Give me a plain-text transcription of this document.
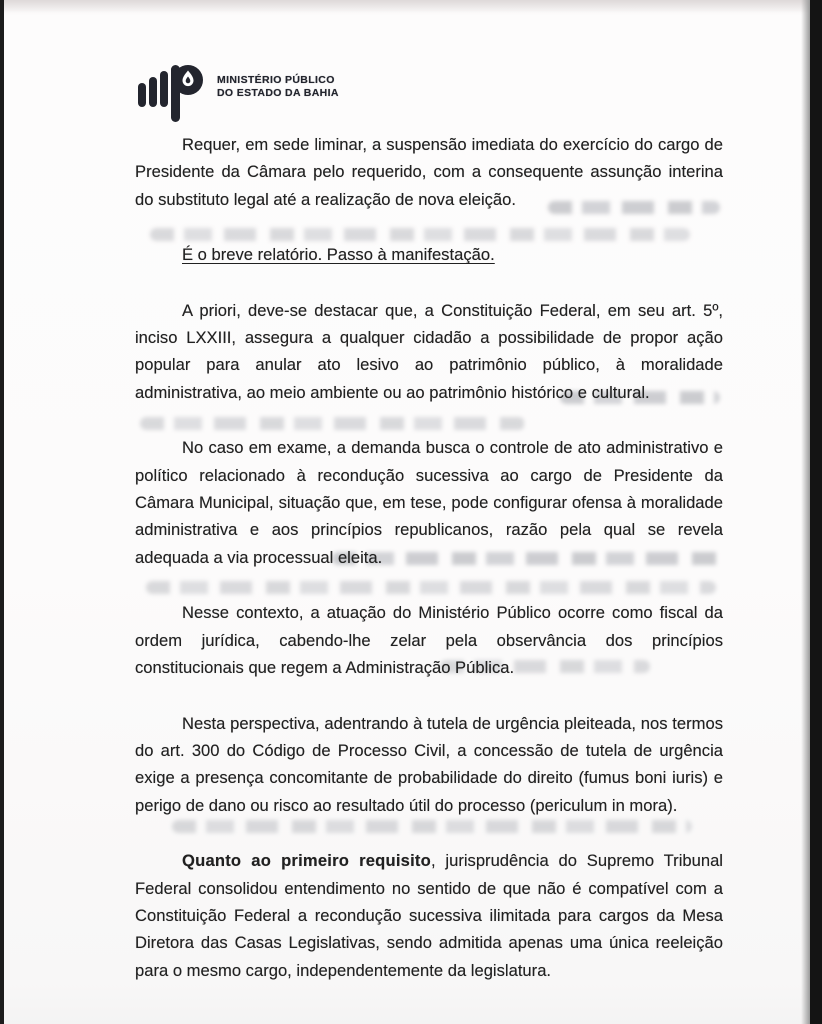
MINISTÉRIO PÚBLICO
DO ESTADO DA BAHIA

Requer, em sede liminar, a suspensão imediata do exercício do cargo de Presidente da Câmara pelo requerido, com a consequente assunção interina do substituto legal até a realização de nova eleição.

É o breve relatório. Passo à manifestação.

A priori, deve-se destacar que, a Constituição Federal, em seu art. 5º, inciso LXXIII, assegura a qualquer cidadão a possibilidade de propor ação popular para anular ato lesivo ao patrimônio público, à moralidade administrativa, ao meio ambiente ou ao patrimônio histórico e cultural.

No caso em exame, a demanda busca o controle de ato administrativo e político relacionado à recondução sucessiva ao cargo de Presidente da Câmara Municipal, situação que, em tese, pode configurar ofensa à moralidade administrativa e aos princípios republicanos, razão pela qual se revela adequada a via processual eleita.

Nesse contexto, a atuação do Ministério Público ocorre como fiscal da ordem jurídica, cabendo-lhe zelar pela observância dos princípios constitucionais que regem a Administração Pública.

Nesta perspectiva, adentrando à tutela de urgência pleiteada, nos termos do art. 300 do Código de Processo Civil, a concessão de tutela de urgência exige a presença concomitante de probabilidade do direito (fumus boni iuris) e perigo de dano ou risco ao resultado útil do processo (periculum in mora).

Quanto ao primeiro requisito, jurisprudência do Supremo Tribunal Federal consolidou entendimento no sentido de que não é compatível com a Constituição Federal a recondução sucessiva ilimitada para cargos da Mesa Diretora das Casas Legislativas, sendo admitida apenas uma única reeleição para o mesmo cargo, independentemente da legislatura.
